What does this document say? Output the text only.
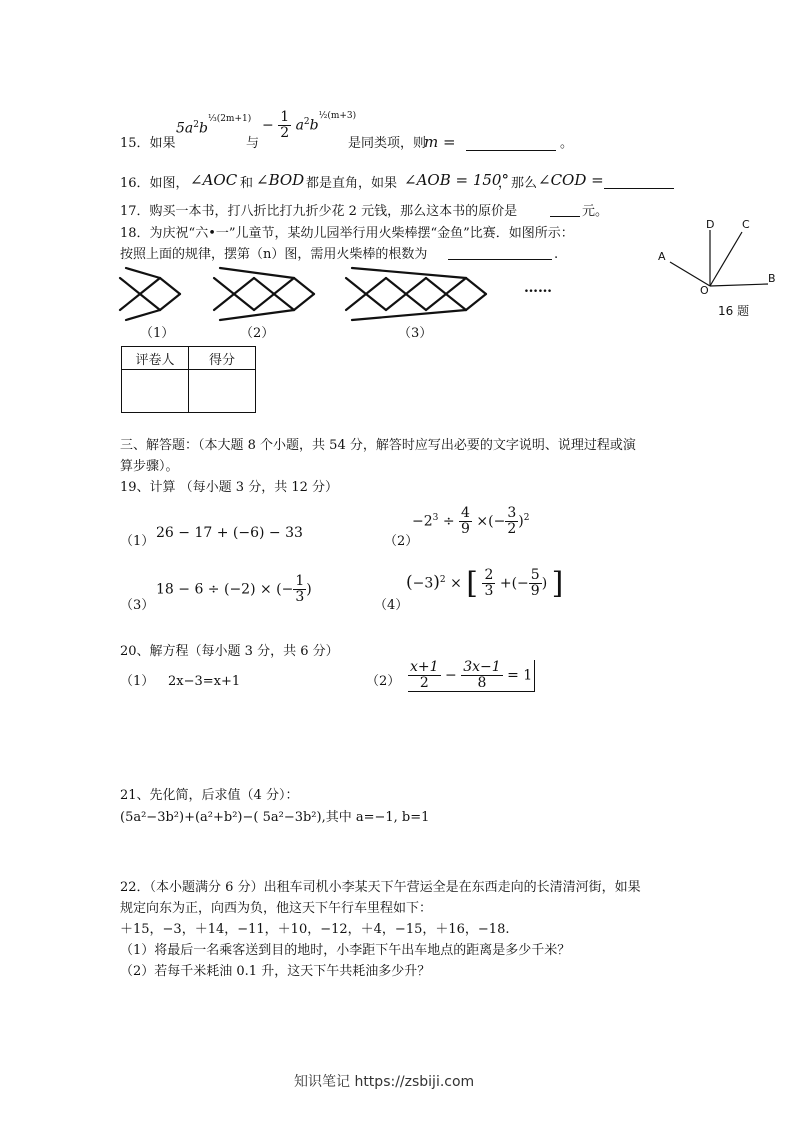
15．如果
$5a^2b^{\frac{1}{3}(2m+1)}$
与
− $\frac{1}{2} a^2b^{\frac{1}{2}(m+3)}$
是同类项，则
m =	。
16．如图， ∠AOC 和 ∠BOD 都是直角，如果 ∠AOB = 150°
，那么 ∠COD =
17．购买一本书，打八折比打九折少花 2 元钱，那么这本书的原价是	元。
18．为庆祝“六•一”儿童节，某幼儿园举行用火柴棒摆“金鱼”比赛．如图所示：
按照上面的规律，摆第（n）图，需用火柴棒的根数为	.
……
（1）	（2）	（3）
D	C
A
O
B
16 题
评卷人	得分

三、解答题：（本大题 8 个小题，共 54 分，解答时应写出必要的文字说明、说理过程或演
算步骤）。
19、计算 （每小题 3 分，共 12 分）
（1）
26 − 17 + (−6) − 33
（2）
$-2^3 \div \frac{4}{9}$ ×(− $\frac{3}{2} )^2$
（3）
18 − 6 ÷ (−2) × (− $\frac{1}{3}$ )
（4）
$(-3)^2$ × [ $\frac{2}{3}$ +(− $\frac{5}{9}$ ) ]
20、解方程（每小题 3 分，共 6 分）
（1） 2x−3=x+1	$(2) \frac{x+1}{2} - \frac{3x-1}{8} = 1$
21、先化简，后求值（4 分）：
(5a²−3b²)+(a²+b²)−( 5a²−3b²),其中 a=−1, b=1
22．（本小题满分 6 分）出租车司机小李某天下午营运全是在东西走向的长清清河街，如果
规定向东为正，向西为负，他这天下午行车里程如下：
＋15，−3，＋14，−11，＋10，−12，＋4，−15，＋16，−18.
（1）将最后一名乘客送到目的地时，小李距下午出车地点的距离是多少千米？
（2）若每千米耗油 0.1 升，这天下午共耗油多少升？
知识笔记 https://zsbiji.com
